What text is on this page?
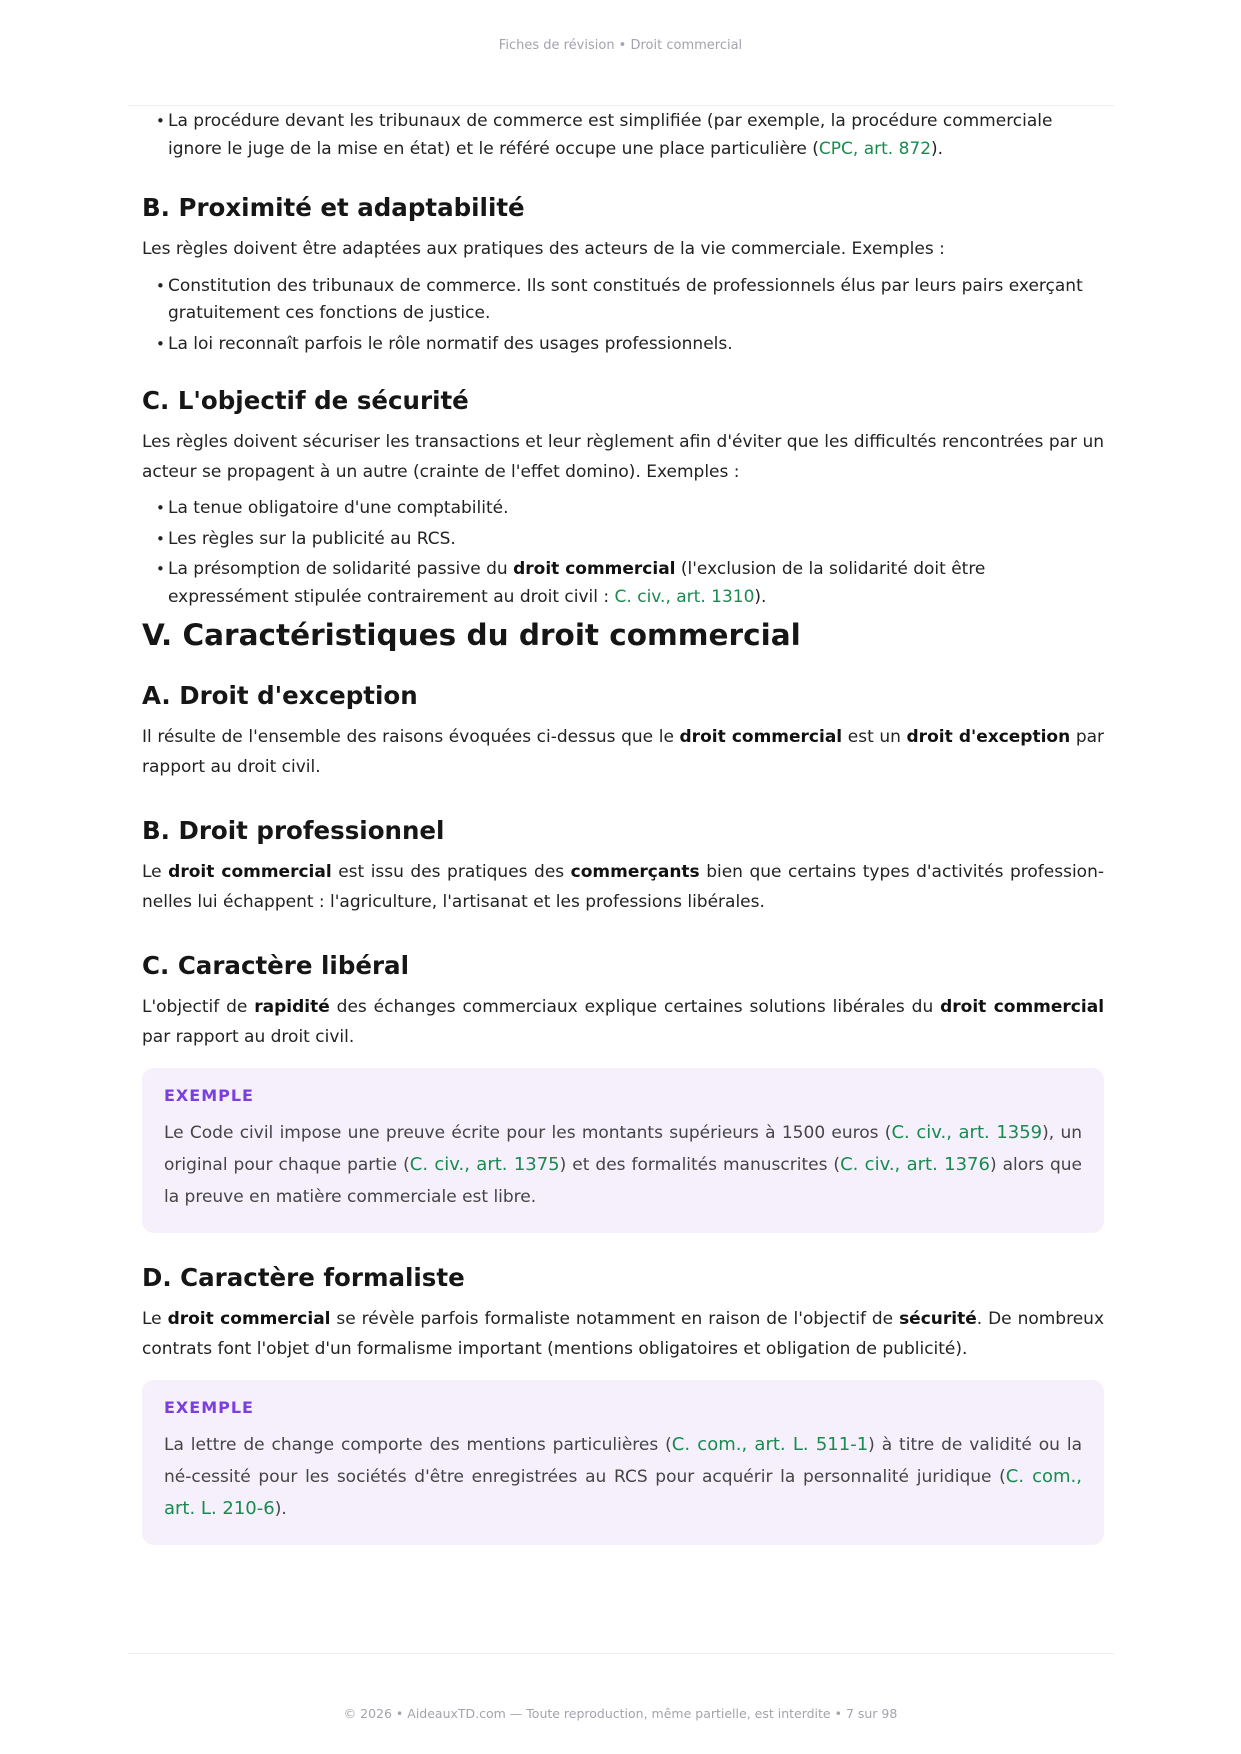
Fiches de révision • Droit commercial
• La procédure devant les tribunaux de commerce est simplifiée (par exemple, la procédure commerciale ignore le juge de la mise en état) et le référé occupe une place particulière (CPC, art. 872).
B. Proximité et adaptabilité

Les règles doivent être adaptées aux pratiques des acteurs de la vie commerciale. Exemples :

• Constitution des tribunaux de commerce. Ils sont constitués de professionnels élus par leurs pairs exerçant gratuitement ces fonctions de justice.
• La loi reconnaît parfois le rôle normatif des usages professionnels.
C. L'objectif de sécurité

Les règles doivent sécuriser les transactions et leur règlement afin d'éviter que les difficultés rencontrées par un acteur se propagent à un autre (crainte de l'effet domino). Exemples :

• La tenue obligatoire d'une comptabilité.
• Les règles sur la publicité au RCS.
• La présomption de solidarité passive du droit commercial (l'exclusion de la solidarité doit être expressément stipulée contrairement au droit civil : C. civ., art. 1310).
V. Caractéristiques du droit commercial
A. Droit d'exception

Il résulte de l'ensemble des raisons évoquées ci-dessus que le droit commercial est un droit d'exception par rapport au droit civil.

B. Droit professionnel

Le droit commercial est issu des pratiques des commerçants bien que certains types d'activités profession-nelles lui échappent : l'agriculture, l'artisanat et les professions libérales.

C. Caractère libéral

L'objectif de rapidité des échanges commerciaux explique certaines solutions libérales du droit commercial par rapport au droit civil.

EXEMPLE

Le Code civil impose une preuve écrite pour les montants supérieurs à 1500 euros (C. civ., art. 1359), un original pour chaque partie (C. civ., art. 1375) et des formalités manuscrites (C. civ., art. 1376) alors que la preuve en matière commerciale est libre.

D. Caractère formaliste

Le droit commercial se révèle parfois formaliste notamment en raison de l'objectif de sécurité. De nombreux contrats font l'objet d'un formalisme important (mentions obligatoires et obligation de publicité).

EXEMPLE

La lettre de change comporte des mentions particulières (C. com., art. L. 511-1) à titre de validité ou la né-cessité pour les sociétés d'être enregistrées au RCS pour acquérir la personnalité juridique (C. com., art. L. 210-6).

© 2026 • AideauxTD.com — Toute reproduction, même partielle, est interdite • 7 sur 98
